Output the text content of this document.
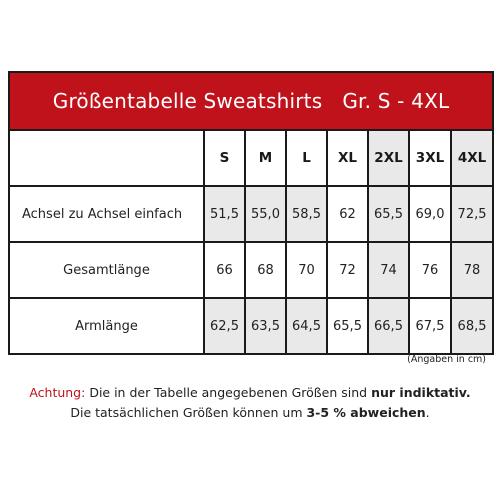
Größentabelle Sweatshirts Gr. S - 4XL							
	S	M	L	XL	2XL	3XL	4XL
Achsel zu Achsel einfach	51,5	55,0	58,5	62	65,5	69,0	72,5
Gesamtlänge	66	68	70	72	74	76	78
Armlänge	62,5	63,5	64,5	65,5	66,5	67,5	68,5
(Angaben in cm)
Achtung: Die in der Tabelle angegebenen Größen sind nur indiktativ.
Die tatsächlichen Größen können um 3-5 % abweichen.
